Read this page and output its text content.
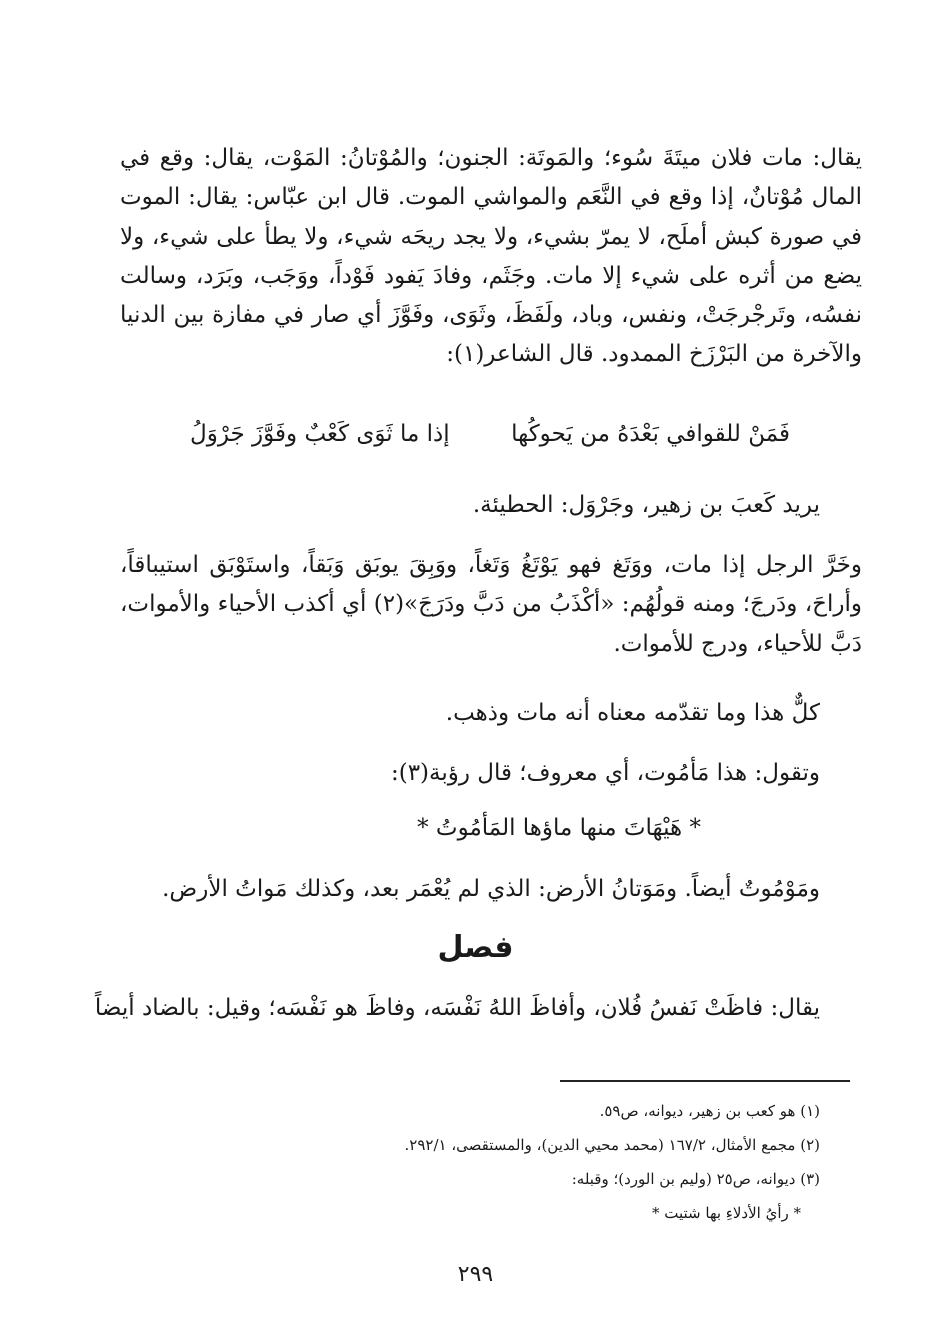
يقال: مات فلان ميتَةَ سُوء؛ والمَوتَة: الجنون؛ والمُوْتانُ: المَوْت، يقال: وقع في المال مُوْتانٌ، إذا وقع في النَّعَم والمواشي الموت. قال ابن عبّاس: يقال: الموت في صورة كبش أملَح، لا يمرّ بشيء، ولا يجد ريحَه شيء، ولا يطأ على شيء، ولا يضع من أثره على شيء إلا مات. وجَثَم، وفادَ يَفود فَوْداً، ووَجَب، وبَرَد، وسالت نفسُه، وتَرجْرجَتْ، ونفس، وباد، ولَفَظَ، وثَوَى، وفَوَّزَ أي صار في مفازة بين الدنيا والآخرة من البَرْزَخ الممدود. قال الشاعر(١):

فَمَنْ للقوافي بَعْدَهُ من يَحوكُها
إذا ما ثَوَى كَعْبٌ وفَوَّزَ جَرْوَلُ

يريد كَعبَ بن زهير، وجَرْوَل: الحطيئة.

وخَرَّ الرجل إذا مات، ووَتَغ فهو يَوْتَغُ وَتَغاً، ووَبِقَ يوبَق وَبَقاً، واستَوْبَق استيباقاً، وأراحَ، ودَرجَ؛ ومنه قولُهُم: «أكْذَبُ من دَبَّ ودَرَجَ»(٢) أي أكذب الأحياء والأموات، دَبَّ للأحياء، ودرج للأموات.

كلٌّ هذا وما تقدّمه معناه أنه مات وذهب.

وتقول: هذا مَأمُوت، أي معروف؛ قال رؤبة(٣):

* هَيْهَاتَ منها ماؤها المَأمُوتُ *

ومَوْمُوتٌ أيضاً. ومَوَتانُ الأرض: الذي لم يُعْمَر بعد، وكذلك مَواتُ الأرض.

فصل

يقال: فاظَتْ نَفسُ فُلان، وأفاظَ اللهُ نَفْسَه، وفاظَ هو نَفْسَه؛ وقيل: بالضاد أيضاً

(١) هو كعب بن زهير، ديوانه، ص٥٩.

(٢) مجمع الأمثال، ١٦٧/٢ (محمد محيي الدين)، والمستقصى، ٢٩٢/١.

(٣) ديوانه، ص٢٥ (وليم بن الورد)؛ وقبله:

* رأيُ الأدلاءِ بها شتيت *

٢٩٩
